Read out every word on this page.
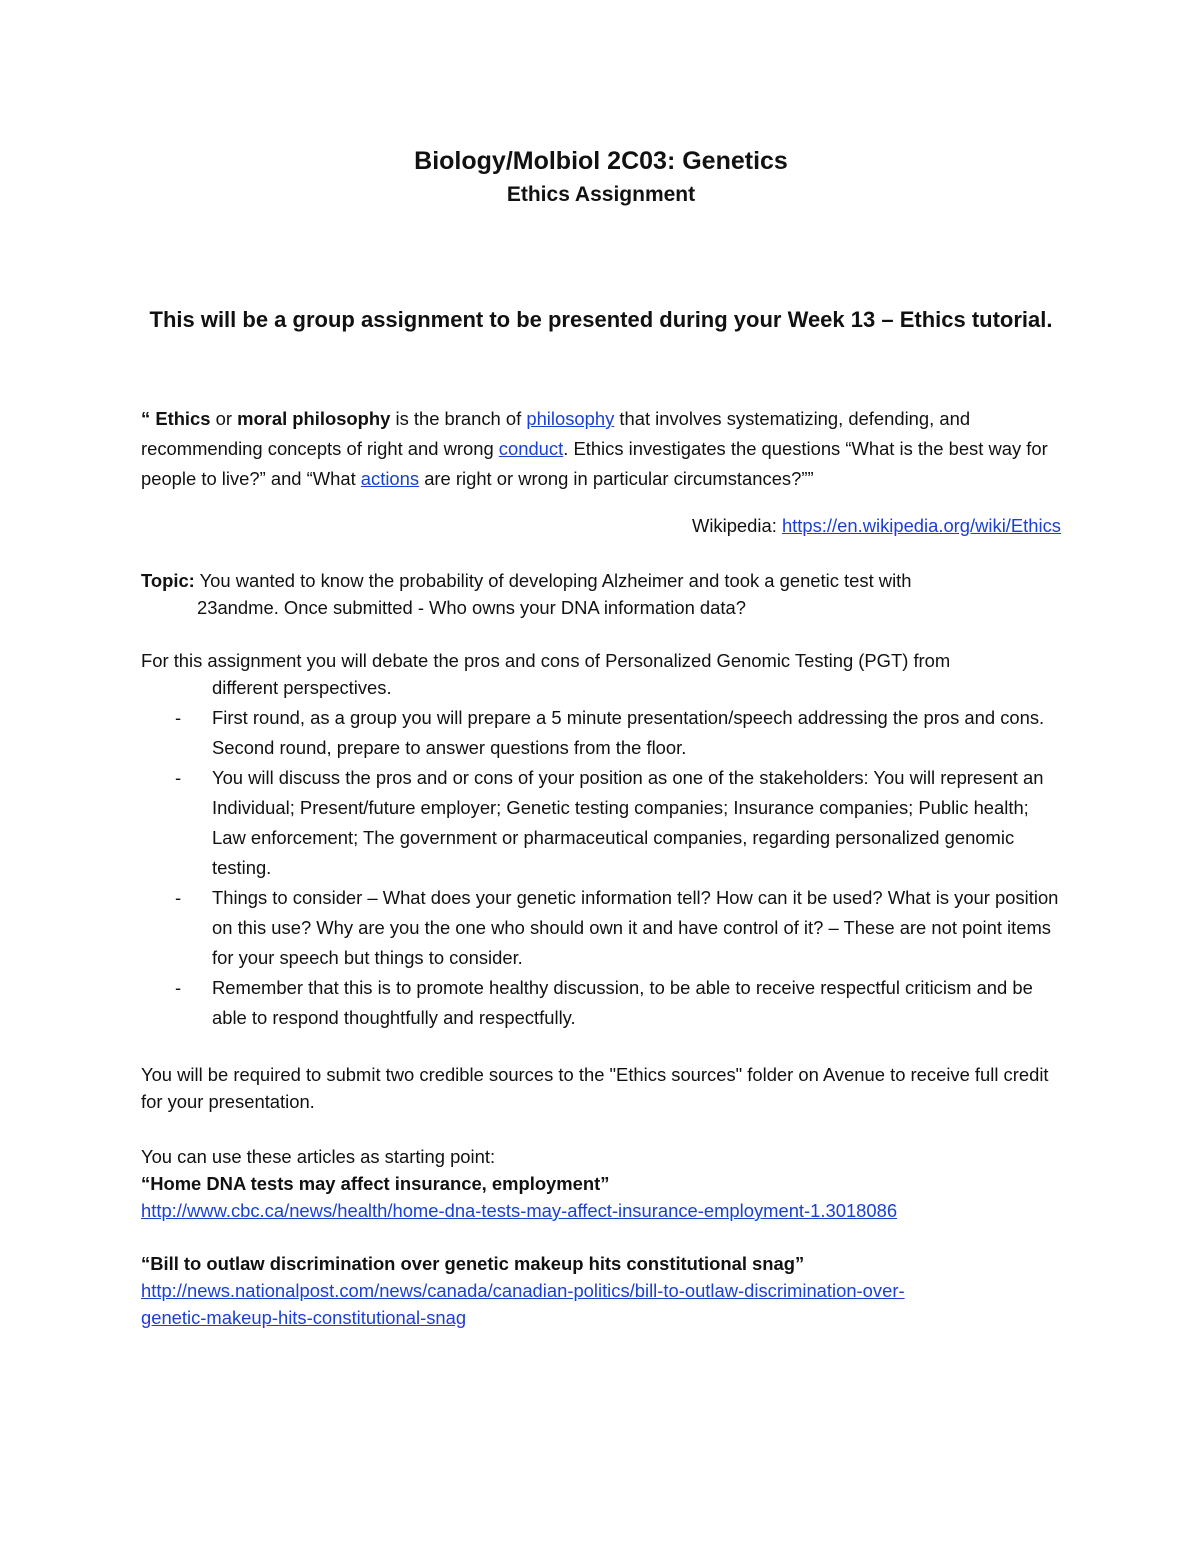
Biology/Molbiol 2C03: Genetics
Ethics Assignment

This will be a group assignment to be presented during your Week 13 – Ethics tutorial.

“ Ethics or moral philosophy is the branch of philosophy that involves systematizing, defending, and recommending concepts of right and wrong conduct. Ethics investigates the questions “What is the best way for people to live?” and “What actions are right or wrong in particular circumstances?””

Wikipedia: https://en.wikipedia.org/wiki/Ethics

Topic: You wanted to know the probability of developing Alzheimer and took a genetic test with
23andme. Once submitted - Who owns your DNA information data?

For this assignment you will debate the pros and cons of Personalized Genomic Testing (PGT) from
different perspectives.

- First round, as a group you will prepare a 5 minute presentation/speech addressing the pros and cons. Second round, prepare to answer questions from the floor.
- You will discuss the pros and or cons of your position as one of the stakeholders: You will represent an Individual; Present/future employer; Genetic testing companies; Insurance companies; Public health; Law enforcement; The government or pharmaceutical companies, regarding personalized genomic testing.
- Things to consider – What does your genetic information tell? How can it be used? What is your position on this use? Why are you the one who should own it and have control of it? – These are not point items for your speech but things to consider.
- Remember that this is to promote healthy discussion, to be able to receive respectful criticism and be able to respond thoughtfully and respectfully.

You will be required to submit two credible sources to the "Ethics sources" folder on Avenue to receive full credit for your presentation.

You can use these articles as starting point:

“Home DNA tests may affect insurance, employment”

http://www.cbc.ca/news/health/home-dna-tests-may-affect-insurance-employment-1.3018086

“Bill to outlaw discrimination over genetic makeup hits constitutional snag”

http://news.nationalpost.com/news/canada/canadian-politics/bill-to-outlaw-discrimination-over-

genetic-makeup-hits-constitutional-snag
